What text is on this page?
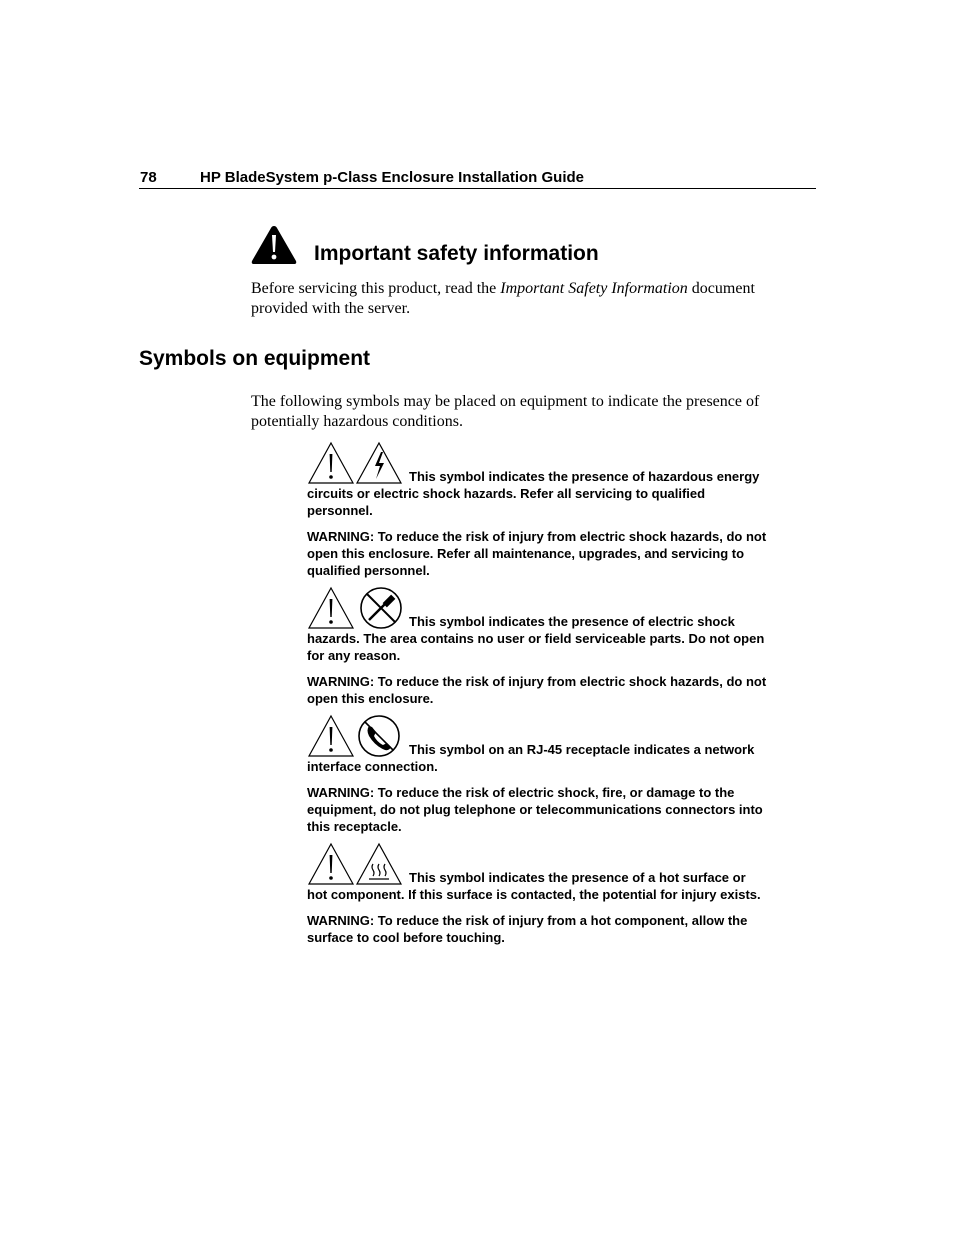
78	HP BladeSystem p-Class Enclosure Installation Guide
Important safety information

Before servicing this product, read the Important Safety Information document provided with the server.

Symbols on equipment

The following symbols may be placed on equipment to indicate the presence of potentially hazardous conditions.

This symbol indicates the presence of hazardous energy circuits or electric shock hazards. Refer all servicing to qualified personnel.

WARNING: To reduce the risk of injury from electric shock hazards, do not open this enclosure. Refer all maintenance, upgrades, and servicing to qualified personnel.

This symbol indicates the presence of electric shock hazards. The area contains no user or field serviceable parts. Do not open for any reason.

WARNING: To reduce the risk of injury from electric shock hazards, do not open this enclosure.

This symbol on an RJ-45 receptacle indicates a network interface connection.

WARNING: To reduce the risk of electric shock, fire, or damage to the equipment, do not plug telephone or telecommunications connectors into this receptacle.

This symbol indicates the presence of a hot surface or hot component. If this surface is contacted, the potential for injury exists.

WARNING: To reduce the risk of injury from a hot component, allow the surface to cool before touching.
